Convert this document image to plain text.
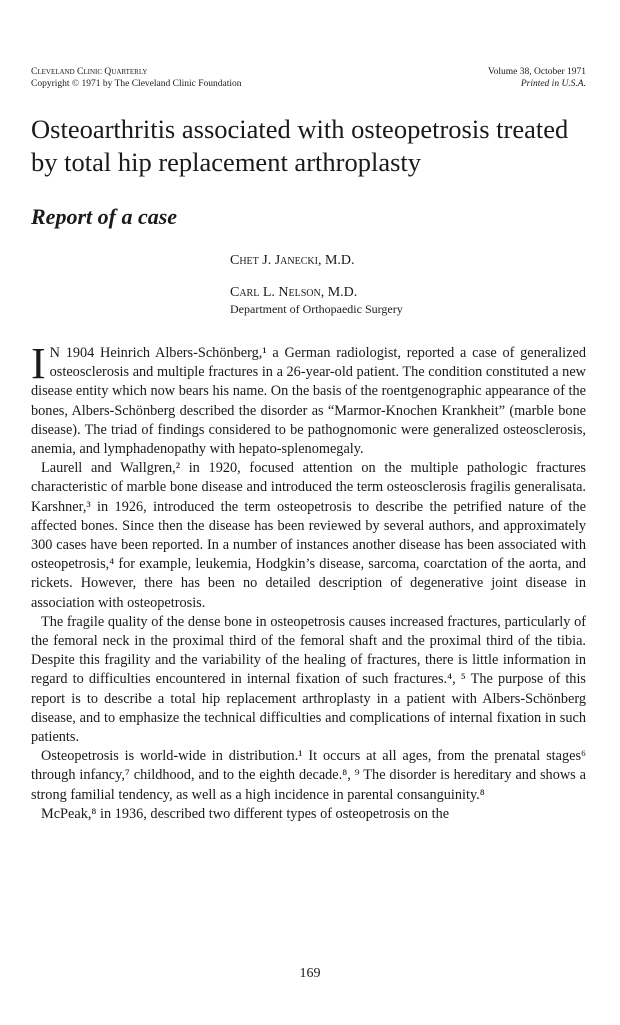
Cleveland Clinic Quarterly
Copyright © 1971 by The Cleveland Clinic Foundation
Volume 38, October 1971
Printed in U.S.A.
Osteoarthritis associated with osteopetrosis treated by total hip replacement arthroplasty
Report of a case
Chet J. Janecki, M.D.
Carl L. Nelson, M.D.
Department of Orthopaedic Surgery

I N 1904 Heinrich Albers-Schönberg,¹ a German radiologist, reported a case of generalized osteosclerosis and multiple fractures in a 26-year-old patient. The condition constituted a new disease entity which now bears his name. On the basis of the roentgenographic appearance of the bones, Albers-Schönberg described the disorder as “Marmor-Knochen Krankheit” (marble bone disease). The triad of findings considered to be pathognomonic were generalized osteosclerosis, anemia, and lymphadenopathy with hepato-splenomegaly.

Laurell and Wallgren,² in 1920, focused attention on the multiple pathologic fractures characteristic of marble bone disease and introduced the term osteosclerosis fragilis generalisata. Karshner,³ in 1926, introduced the term osteopetrosis to describe the petrified nature of the affected bones. Since then the disease has been reviewed by several authors, and approximately 300 cases have been reported. In a number of instances another disease has been associated with osteopetrosis,⁴ for example, leukemia, Hodgkin’s disease, sarcoma, coarctation of the aorta, and rickets. However, there has been no detailed description of degenerative joint disease in association with osteopetrosis.

The fragile quality of the dense bone in osteopetrosis causes increased fractures, particularly of the femoral neck in the proximal third of the femoral shaft and the proximal third of the tibia. Despite this fragility and the variability of the healing of fractures, there is little information in regard to difficulties encountered in internal fixation of such fractures.⁴, ⁵ The purpose of this report is to describe a total hip replacement arthroplasty in a patient with Albers-Schönberg disease, and to emphasize the technical difficulties and complications of internal fixation in such patients.

Osteopetrosis is world-wide in distribution.¹ It occurs at all ages, from the prenatal stages⁶ through infancy,⁷ childhood, and to the eighth decade.⁸, ⁹ The disorder is hereditary and shows a strong familial tendency, as well as a high incidence in parental consanguinity.⁸

McPeak,⁸ in 1936, described two different types of osteopetrosis on the

169
